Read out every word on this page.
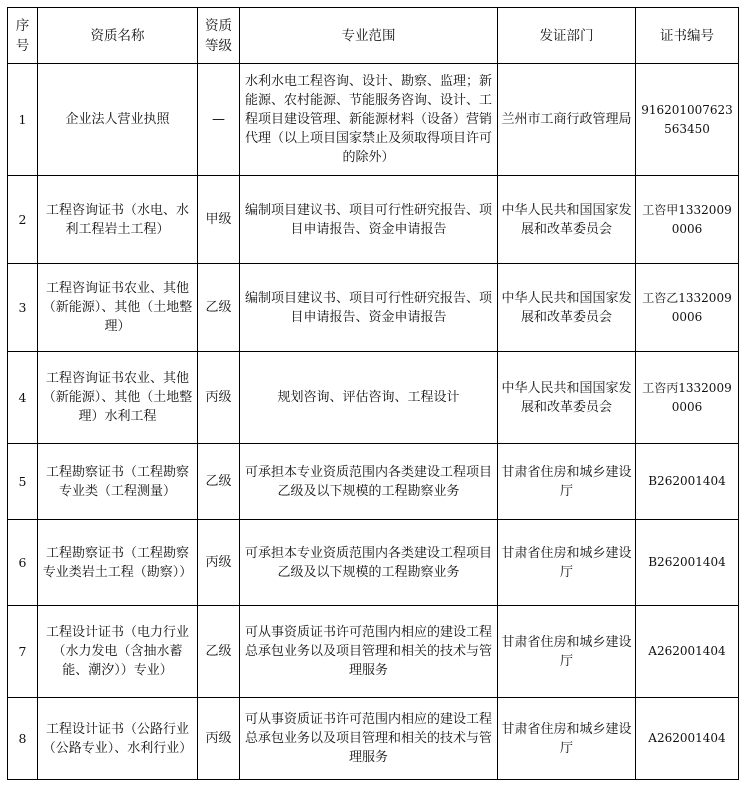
序号	资质名称	资质等级	专业范围	发证部门	证书编号
1	企业法人营业执照	—	水利水电工程咨询、设计、勘察、监理；新能源、农村能源、节能服务咨询、设计、工程项目建设管理、新能源材料（设备）营销代理（以上项目国家禁止及须取得项目许可的除外）	兰州市工商行政管理局	916201007623563450
2	工程咨询证书（水电、水利工程岩土工程）	甲级	编制项目建议书、项目可行性研究报告、项目申请报告、资金申请报告	中华人民共和国国家发展和改革委员会	工咨甲13320090006
3	工程咨询证书农业、其他（新能源）、其他（土地整理）	乙级	编制项目建议书、项目可行性研究报告、项目申请报告、资金申请报告	中华人民共和国国家发展和改革委员会	工咨乙13320090006
4	工程咨询证书农业、其他（新能源）、其他（土地整理）水利工程	丙级	规划咨询、评估咨询、工程设计	中华人民共和国国家发展和改革委员会	工咨丙13320090006
5	工程勘察证书（工程勘察专业类（工程测量）	乙级	可承担本专业资质范围内各类建设工程项目乙级及以下规模的工程勘察业务	甘肃省住房和城乡建设厅	B262001404
6	工程勘察证书（工程勘察专业类岩土工程（勘察））	丙级	可承担本专业资质范围内各类建设工程项目乙级及以下规模的工程勘察业务	甘肃省住房和城乡建设厅	B262001404
7	工程设计证书（电力行业（水力发电（含抽水蓄能、潮汐））专业）	乙级	可从事资质证书许可范围内相应的建设工程总承包业务以及项目管理和相关的技术与管理服务	甘肃省住房和城乡建设厅	A262001404
8	工程设计证书（公路行业（公路专业）、水利行业）	丙级	可从事资质证书许可范围内相应的建设工程总承包业务以及项目管理和相关的技术与管理服务	甘肃省住房和城乡建设厅	A262001404
